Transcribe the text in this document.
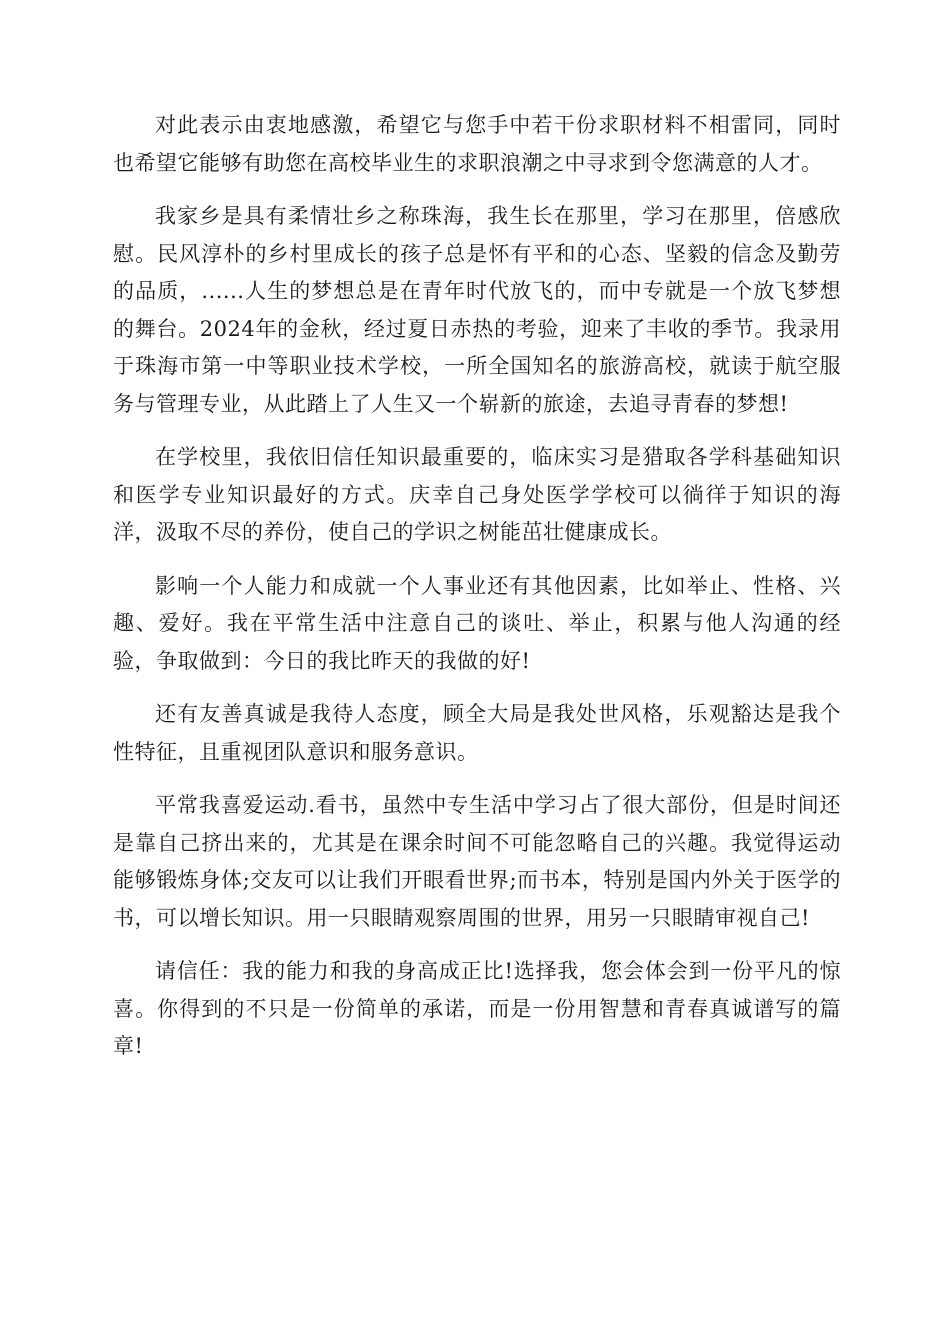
对此表示由衷地感激，希望它与您手中若干份求职材料不相雷同，同时也希望它能够有助您在高校毕业生的求职浪潮之中寻求到令您满意的人才。

我家乡是具有柔情壮乡之称珠海，我生长在那里，学习在那里，倍感欣慰。民风淳朴的乡村里成长的孩子总是怀有平和的心态、坚毅的信念及勤劳的品质，......人生的梦想总是在青年时代放飞的，而中专就是一个放飞梦想的舞台。2024年的金秋，经过夏日赤热的考验，迎来了丰收的季节。我录用于珠海市第一中等职业技术学校，一所全国知名的旅游高校，就读于航空服务与管理专业，从此踏上了人生又一个崭新的旅途，去追寻青春的梦想!

在学校里，我依旧信任知识最重要的，临床实习是猎取各学科基础知识和医学专业知识最好的方式。庆幸自己身处医学学校可以徜徉于知识的海洋，汲取不尽的养份，使自己的学识之树能茁壮健康成长。

影响一个人能力和成就一个人事业还有其他因素，比如举止、性格、兴趣、爱好。我在平常生活中注意自己的谈吐、举止，积累与他人沟通的经验，争取做到：今日的我比昨天的我做的好!

还有友善真诚是我待人态度，顾全大局是我处世风格，乐观豁达是我个性特征，且重视团队意识和服务意识。

平常我喜爱运动.看书，虽然中专生活中学习占了很大部份，但是时间还是靠自己挤出来的，尤其是在课余时间不可能忽略自己的兴趣。我觉得运动能够锻炼身体;交友可以让我们开眼看世界;而书本，特别是国内外关于医学的书，可以增长知识。用一只眼睛观察周围的世界，用另一只眼睛审视自己!

请信任：我的能力和我的身高成正比!选择我，您会体会到一份平凡的惊喜。你得到的不只是一份简单的承诺，而是一份用智慧和青春真诚谱写的篇章!
